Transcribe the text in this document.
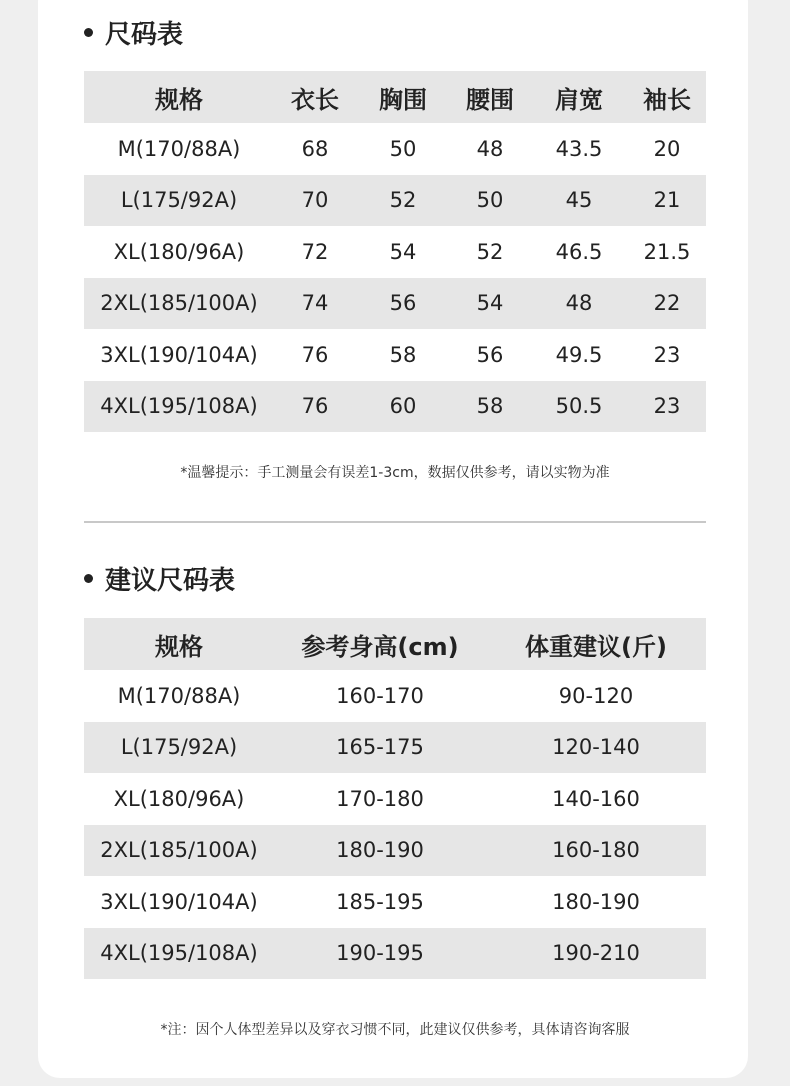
尺码表
规格	衣长	胸围	腰围	肩宽	袖长
M(170/88A)	68	50	48	43.5	20
L(175/92A)	70	52	50	45	21
XL(180/96A)	72	54	52	46.5	21.5
2XL(185/100A)	74	56	54	48	22
3XL(190/104A)	76	58	56	49.5	23
4XL(195/108A)	76	60	58	50.5	23
*温馨提示：手工测量会有误差1-3cm，数据仅供参考，请以实物为准
建议尺码表
规格	参考身高(cm)	体重建议(斤)
M(170/88A)	160-170	90-120
L(175/92A)	165-175	120-140
XL(180/96A)	170-180	140-160
2XL(185/100A)	180-190	160-180
3XL(190/104A)	185-195	180-190
4XL(195/108A)	190-195	190-210
*注：因个人体型差异以及穿衣习惯不同，此建议仅供参考，具体请咨询客服
